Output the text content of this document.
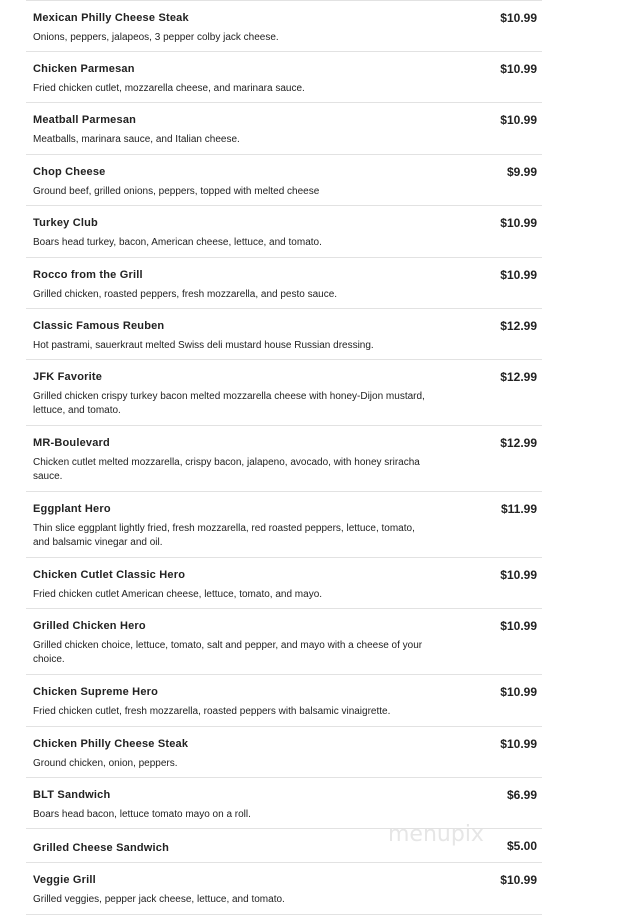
Mexican Philly Cheese Steak	$10.99
Onions, peppers, jalapeos, 3 pepper colby jack cheese.
Chicken Parmesan	$10.99
Fried chicken cutlet, mozzarella cheese, and marinara sauce.
Meatball Parmesan	$10.99
Meatballs, marinara sauce, and Italian cheese.
Chop Cheese	$9.99
Ground beef, grilled onions, peppers, topped with melted cheese
Turkey Club	$10.99
Boars head turkey, bacon, American cheese, lettuce, and tomato.
Rocco from the Grill	$10.99
Grilled chicken, roasted peppers, fresh mozzarella, and pesto sauce.
Classic Famous Reuben	$12.99
Hot pastrami, sauerkraut melted Swiss deli mustard house Russian dressing.
JFK Favorite	$12.99
Grilled chicken crispy turkey bacon melted mozzarella cheese with honey-Dijon mustard, lettuce, and tomato.
MR-Boulevard	$12.99
Chicken cutlet melted mozzarella, crispy bacon, jalapeno, avocado, with honey sriracha sauce.
Eggplant Hero	$11.99
Thin slice eggplant lightly fried, fresh mozzarella, red roasted peppers, lettuce, tomato, and balsamic vinegar and oil.
Chicken Cutlet Classic Hero	$10.99
Fried chicken cutlet American cheese, lettuce, tomato, and mayo.
Grilled Chicken Hero	$10.99
Grilled chicken choice, lettuce, tomato, salt and pepper, and mayo with a cheese of your choice.
Chicken Supreme Hero	$10.99
Fried chicken cutlet, fresh mozzarella, roasted peppers with balsamic vinaigrette.
Chicken Philly Cheese Steak	$10.99
Ground chicken, onion, peppers.
BLT Sandwich	$6.99
Boars head bacon, lettuce tomato mayo on a roll.
Grilled Cheese Sandwich	$5.00
Veggie Grill	$10.99
Grilled veggies, pepper jack cheese, lettuce, and tomato.
menupix
